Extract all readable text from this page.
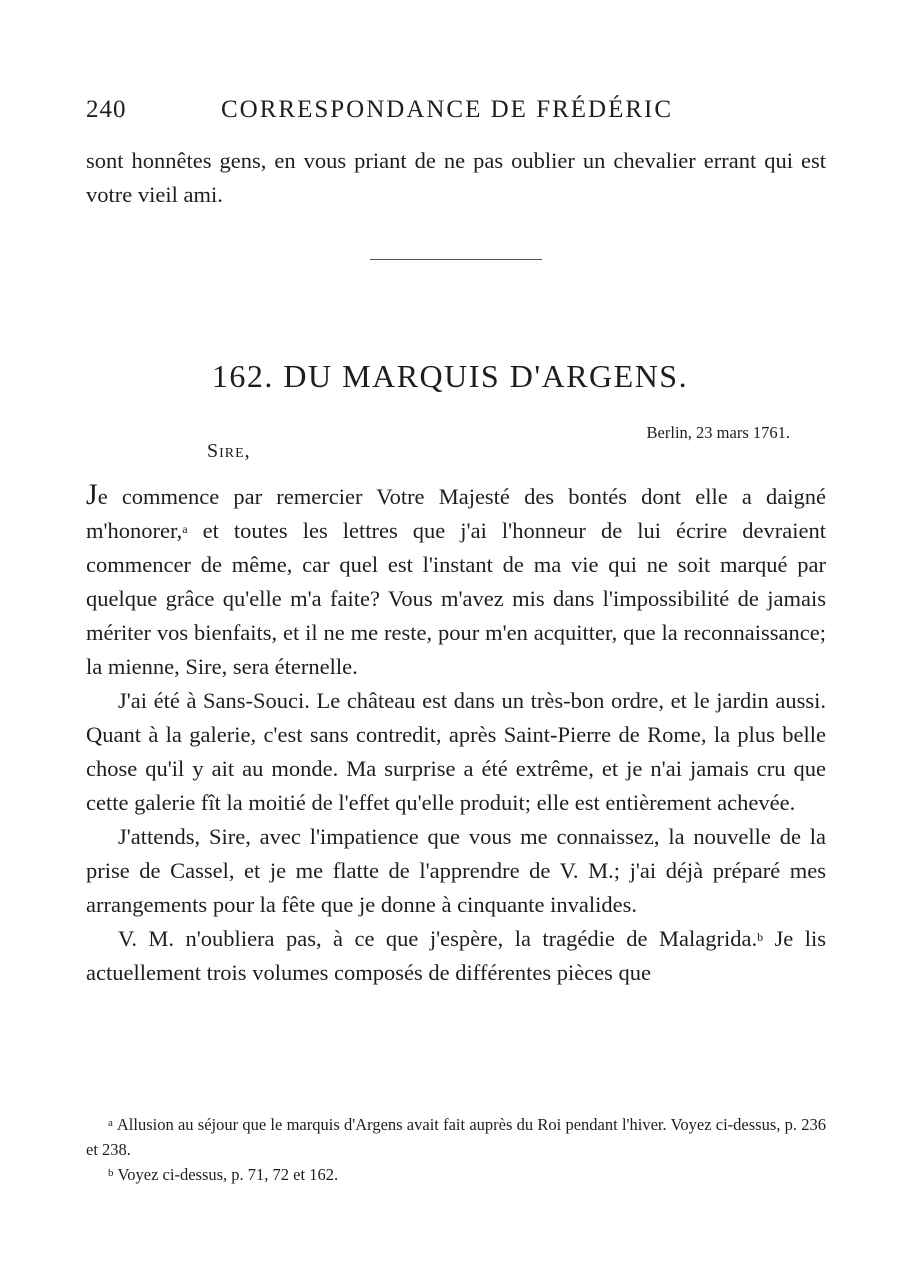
240	CORRESPONDANCE DE FRÉDÉRIC

sont honnêtes gens, en vous priant de ne pas oublier un chevalier errant qui est votre vieil ami.

162. DU MARQUIS D'ARGENS.
Berlin, 23 mars 1761.
Sire,

Je commence par remercier Votre Majesté des bontés dont elle a daigné m'honorer,$^a$ et toutes les lettres que j'ai l'honneur de lui écrire devraient commencer de même, car quel est l'instant de ma vie qui ne soit marqué par quelque grâce qu'elle m'a faite? Vous m'avez mis dans l'impossibilité de jamais mériter vos bienfaits, et il ne me reste, pour m'en acquitter, que la reconnaissance; la mienne, Sire, sera éternelle.

J'ai été à Sans-Souci. Le château est dans un très-bon ordre, et le jardin aussi. Quant à la galerie, c'est sans contredit, après Saint-Pierre de Rome, la plus belle chose qu'il y ait au monde. Ma surprise a été extrême, et je n'ai jamais cru que cette galerie fît la moitié de l'effet qu'elle produit; elle est entièrement achevée.

J'attends, Sire, avec l'impatience que vous me connaissez, la nouvelle de la prise de Cassel, et je me flatte de l'apprendre de V. M.; j'ai déjà préparé mes arrangements pour la fête que je donne à cinquante invalides.

V. M. n'oubliera pas, à ce que j'espère, la tragédie de Malagrida.$^b$ Je lis actuellement trois volumes composés de différentes pièces que

$^a$ Allusion au séjour que le marquis d'Argens avait fait auprès du Roi pendant l'hiver. Voyez ci-dessus, p. 236 et 238.

$^b$ Voyez ci-dessus, p. 71, 72 et 162.
